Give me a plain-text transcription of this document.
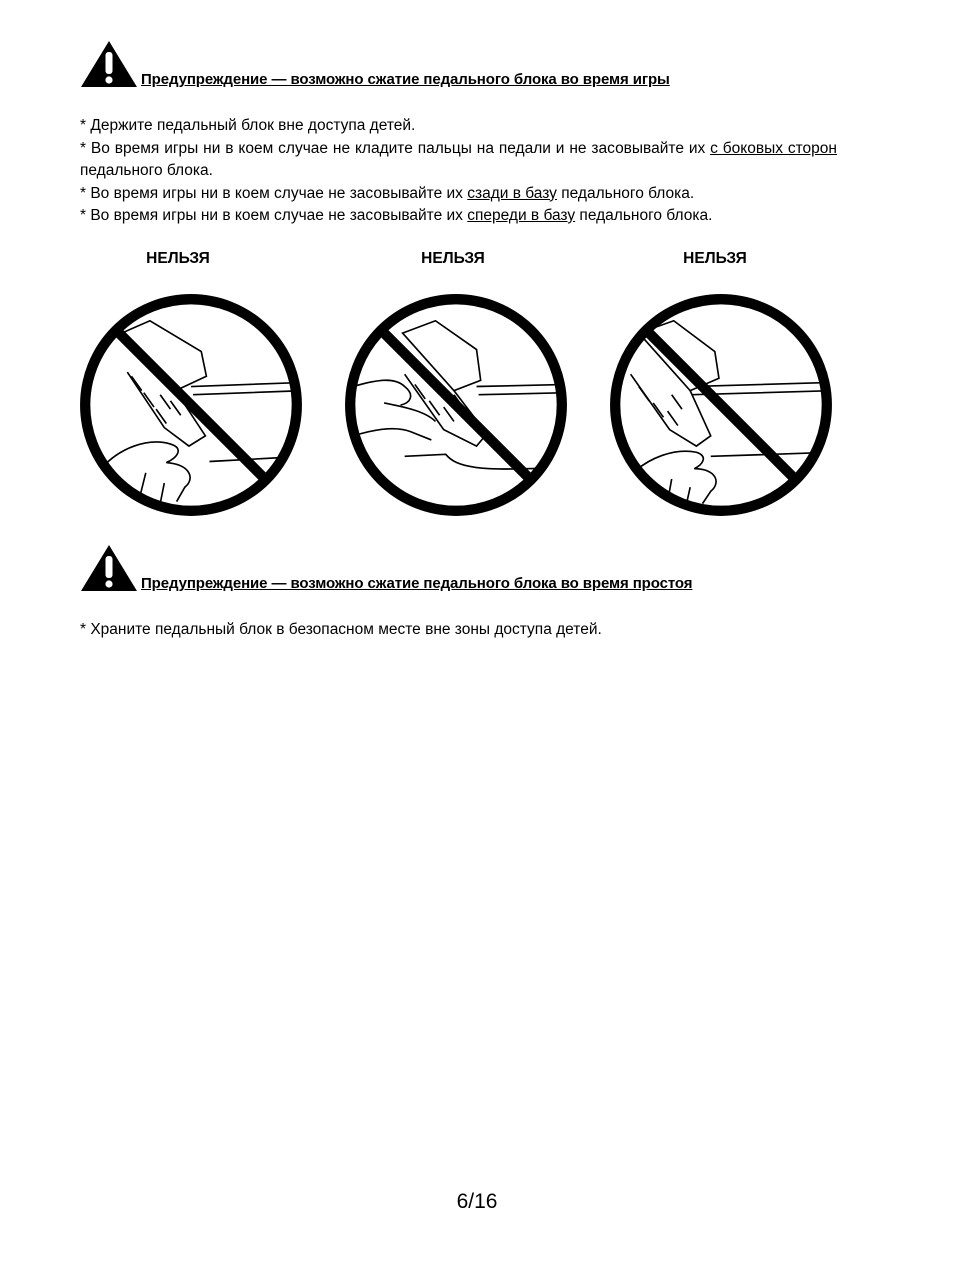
Предупреждение — возможно сжатие педального блока во время игры

* Держите педальный блок вне доступа детей.

* Во время игры ни в коем случае не кладите пальцы на педали и не засовывайте их с боковых сторон педального блока.

* Во время игры ни в коем случае не засовывайте их сзади в базу педального блока.

* Во время игры ни в коем случае не засовывайте их спереди в базу педального блока.

НЕЛЬЗЯ	НЕЛЬЗЯ	НЕЛЬЗЯ
Предупреждение — возможно сжатие педального блока во время простоя

* Храните педальный блок в безопасном месте вне зоны доступа детей.

6/16
